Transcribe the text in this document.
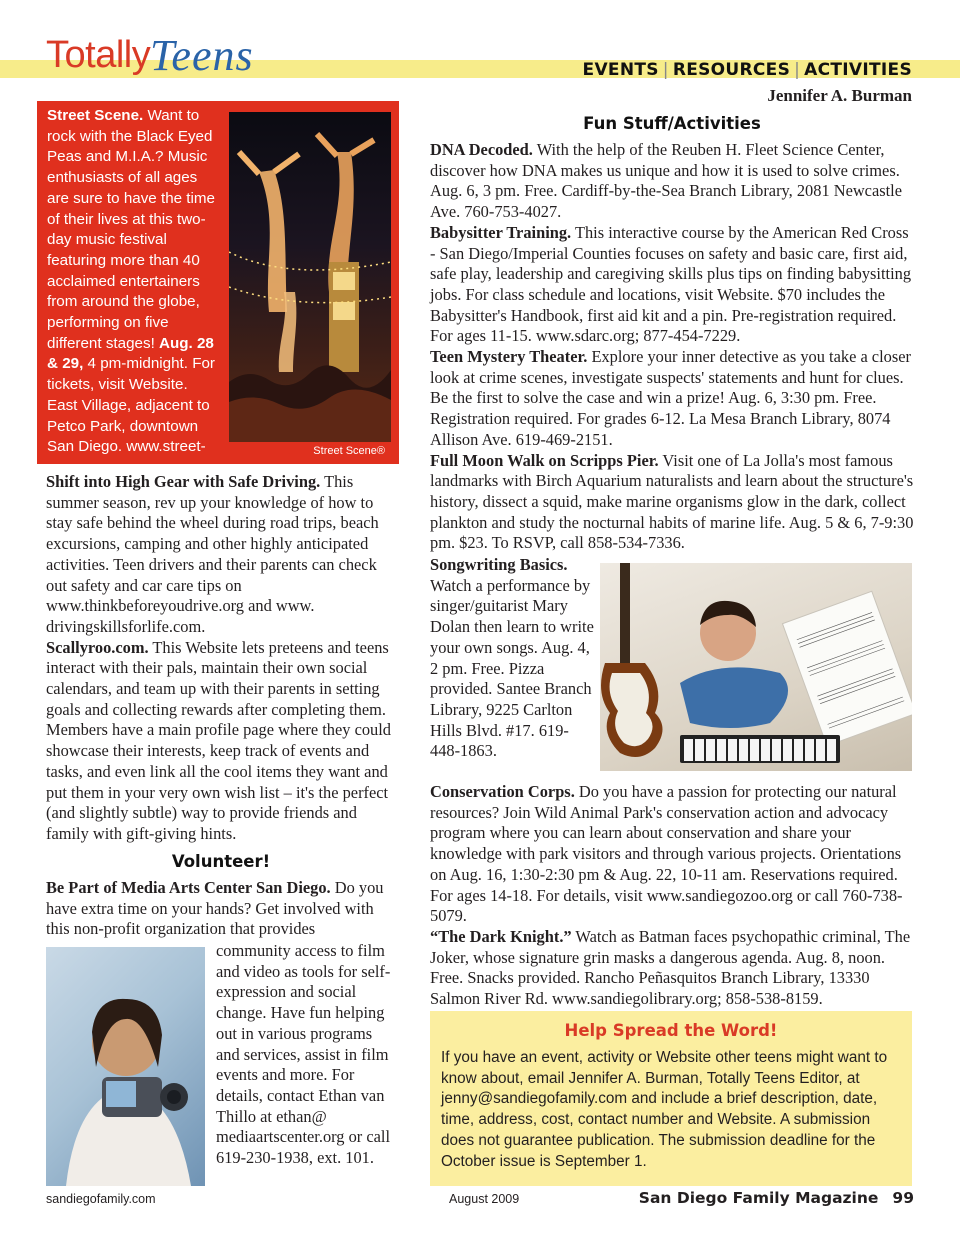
Totally Teens	EVENTS | RESOURCES | ACTIVITIES
Jennifer A. Burman
Street Scene. Want to rock with the Black Eyed Peas and M.I.A.? Music enthusiasts of all ages are sure to have the time of their lives at this two-day music festival featuring more than 40 acclaimed entertainers from around the globe, performing on five different stages! Aug. 28 & 29, 4 pm-midnight. For tickets, visit Website. East Village, adjacent to Petco Park, downtown San Diego. www.street-scene.com.
Street Scene®

Shift into High Gear with Safe Driving. This summer season, rev up your knowledge of how to stay safe behind the wheel during road trips, beach excursions, camping and other highly anticipated activities. Teen drivers and their parents can check out safety and car care tips on www.thinkbeforeyoudrive.org and www. drivingskillsforlife.com.

Scallyroo.com. This Website lets preteens and teens interact with their pals, maintain their own social calendars, and team up with their parents in setting goals and collecting rewards after completing them. Members have a main profile page where they could showcase their interests, keep track of events and tasks, and even link all the cool items they want and put them in your very own wish list – it's the perfect (and slightly subtle) way to provide friends and family with gift-giving hints.

Volunteer!
Be Part of Media Arts Center San Diego. Do you have extra time on your hands? Get involved with this non-profit organization that provides
community access to film and video as tools for self-expression and social change. Have fun helping out in various programs and services, assist in film events and more. For details, contact Ethan van Thillo at ethan@ mediaartscenter.org or call 619-230-1938, ext. 101.
Fun Stuff/Activities

DNA Decoded. With the help of the Reuben H. Fleet Science Center, discover how DNA makes us unique and how it is used to solve crimes. Aug. 6, 3 pm. Free. Cardiff-by-the-Sea Branch Library, 2081 Newcastle Ave. 760-753-4027.

Babysitter Training. This interactive course by the American Red Cross - San Diego/Imperial Counties focuses on safety and basic care, first aid, safe play, leadership and caregiving skills plus tips on finding babysitting jobs. For class schedule and locations, visit Website. $70 includes the Babysitter's Handbook, first aid kit and a pin. Pre-registration required. For ages 11-15. www.sdarc.org; 877-454-7229.

Teen Mystery Theater. Explore your inner detective as you take a closer look at crime scenes, investigate suspects' statements and hunt for clues. Be the first to solve the case and win a prize! Aug. 6, 3:30 pm. Free. Registration required. For grades 6-12. La Mesa Branch Library, 8074 Allison Ave. 619-469-2151.

Full Moon Walk on Scripps Pier. Visit one of La Jolla's most famous landmarks with Birch Aquarium naturalists and learn about the structure's history, dissect a squid, make marine organisms glow in the dark, collect plankton and study the nocturnal habits of marine life. Aug. 5 & 6, 7-9:30 pm. $23. To RSVP, call 858-534-7336.

Songwriting Basics.
Watch a performance by singer/guitarist Mary Dolan then learn to write your own songs. Aug. 4, 2 pm. Free. Pizza provided. Santee Branch Library, 9225 Carlton Hills Blvd. #17. 619-448-1863.

Conservation Corps. Do you have a passion for protecting our natural resources? Join Wild Animal Park's conservation action and advocacy program where you can learn about conservation and share your knowledge with park visitors and through various projects. Orientations on Aug. 16, 1:30-2:30 pm & Aug. 22, 10-11 am. Reservations required. For ages 14-18. For details, visit www.sandiegozoo.org or call 760-738-5079.

“The Dark Knight.” Watch as Batman faces psychopathic criminal, The Joker, whose signature grin masks a dangerous agenda. Aug. 8, noon. Free. Snacks provided. Rancho Peñasquitos Branch Library, 13330 Salmon River Rd. www.sandiegolibrary.org; 858-538-8159.

Help Spread the Word!
If you have an event, activity or Website other teens might want to know about, email Jennifer A. Burman, Totally Teens Editor, at jenny@sandiegofamily.com and include a brief description, date, time, address, cost, contact number and Website. A submission does not guarantee publication. The submission deadline for the October issue is September 1.
sandiegofamily.com	August 2009	San Diego Family Magazine 99
